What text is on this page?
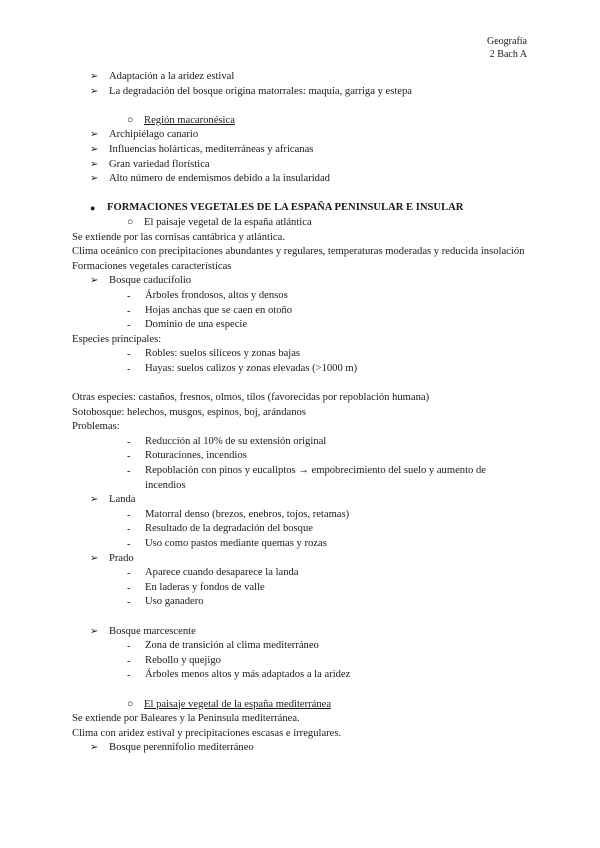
Geografía
2 Bach A
➢	Adaptación a la aridez estival
➢	La degradación del bosque origina matorrales: maquia, garriga y estepa
○ Región macaronésica
➢	Archipiélago canario
➢	Influencias holárticas, mediterráneas y africanas
➢	Gran variedad florística
➢	Alto número de endemismos debido a la insularidad
●	FORMACIONES VEGETALES DE LA ESPAÑA PENINSULAR E INSULAR
○ El paisaje vegetal de la españa atlántica
Se extiende por las cornisas cantábrica y atlántica.
Clima oceánico con precipitaciones abundantes y regulares, temperaturas moderadas y reducida insolación
Formaciones vegetales características
➢	Bosque caducifolio
-	Árboles frondosos, altos y densos
-	Hojas anchas que se caen en otoño
-	Dominio de una especie
Especies principales:
-	Robles: suelos silíceos y zonas bajas
-	Hayas: suelos calizos y zonas elevadas (>1000 m)
Otras especies: castaños, fresnos, olmos, tilos (favorecidas por repoblación humana)
Sotobosque: helechos, musgos, espinos, boj, arándanos
Problemas:
-	Reducción al 10% de su extensión original
-	Roturaciones, incendios
-	Repoblación con pinos y eucaliptos → empobrecimiento del suelo y aumento de incendios
➢	Landa
-	Matorral denso (brezos, enebros, tojos, retamas)
-	Resultado de la degradación del bosque
-	Uso como pastos mediante quemas y rozas
➢	Prado
-	Aparece cuando desaparece la landa
-	En laderas y fondos de valle
-	Uso ganadero
➢	Bosque marcescente
-	Zona de transición al clima mediterráneo
-	Rebollo y quejigo
-	Árboles menos altos y más adaptados a la aridez
○ El paisaje vegetal de la españa mediterránea
Se extiende por Baleares y la Península mediterránea.
Clima con aridez estival y precipitaciones escasas e irregulares.
➢	Bosque perennifolio mediterráneo
